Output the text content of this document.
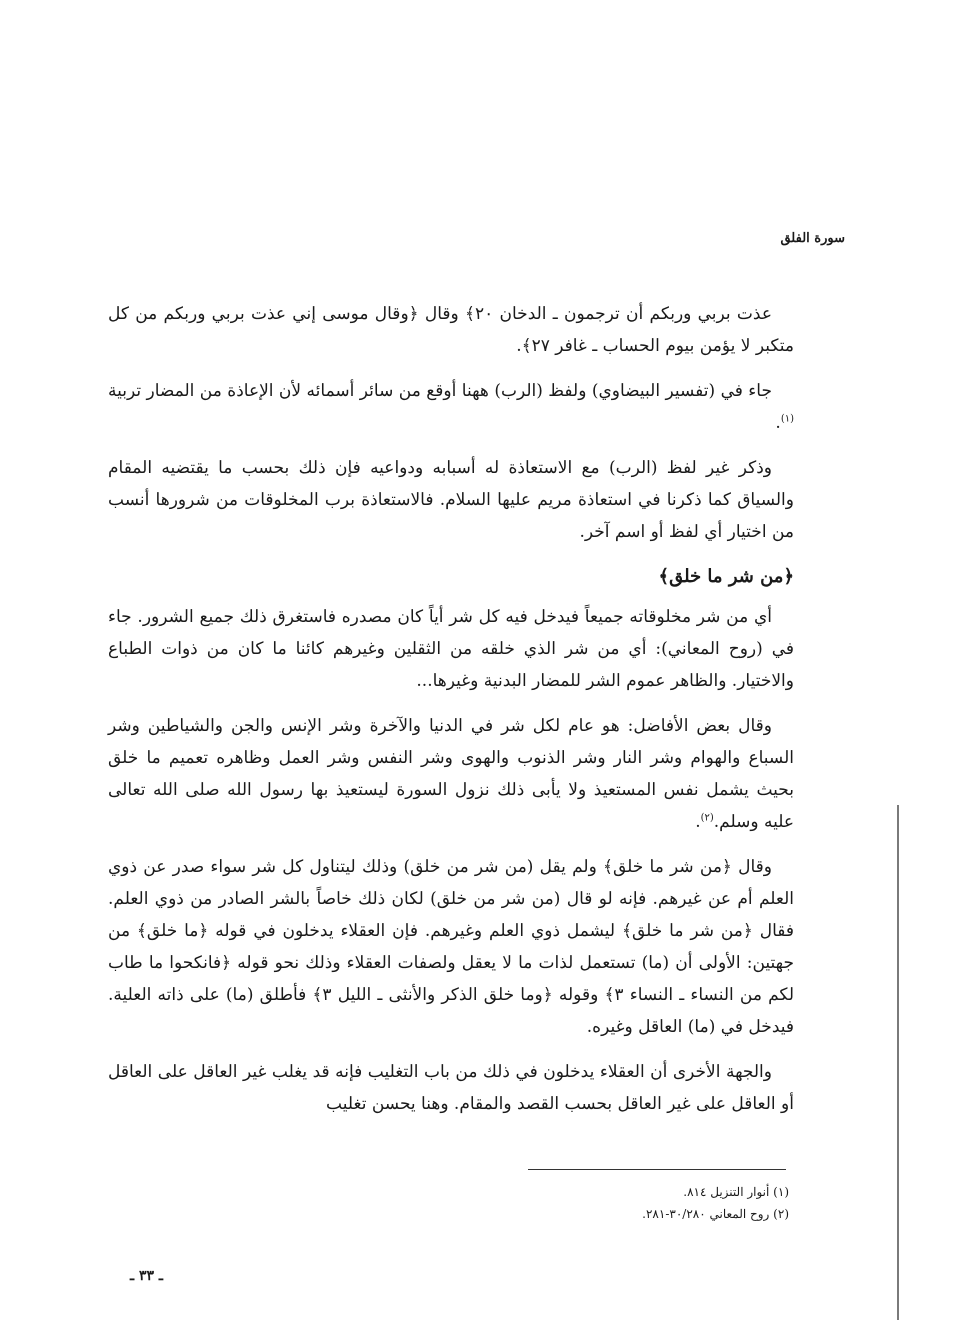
سورة الفلق

عذت بربي وربكم أن ترجمون ـ الدخان ٢٠﴾ وقال ﴿وقال موسى إني عذت بربي وربكم من كل متكبر لا يؤمن بيوم الحساب ـ غافر ٢٧﴾.

جاء في (تفسير البيضاوي) ولفظ (الرب) ههنا أوقع من سائر أسمائه لأن الإعاذة من المضار تربية $^{(١)}$.

وذكر غير لفظ (الرب) مع الاستعاذة له أسبابه ودواعيه فإن ذلك بحسب ما يقتضيه المقام والسياق كما ذكرنا في استعاذة مريم عليها السلام. فالاستعاذة برب المخلوقات من شرورها أنسب من اختيار أي لفظ أو اسم آخر.

﴿من شر ما خلق﴾

أي من شر مخلوقاته جميعاً فيدخل فيه كل شر أياً كان مصدره فاستغرق ذلك جميع الشرور. جاء في (روح المعاني): أي من شر الذي خلقه من الثقلين وغيرهم كائنا ما كان من ذوات الطباع والاختيار. والظاهر عموم الشر للمضار البدنية وغيرها...

وقال بعض الأفاضل: هو عام لكل شر في الدنيا والآخرة وشر الإنس والجن والشياطين وشر السباع والهوام وشر النار وشر الذنوب والهوى وشر النفس وشر العمل وظاهره تعميم ما خلق بحيث يشمل نفس المستعيذ ولا يأبى ذلك نزول السورة ليستعيذ بها رسول الله صلى الله تعالى عليه وسلم.$^{(٢)}$.

وقال ﴿من شر ما خلق﴾ ولم يقل (من شر من خلق) وذلك ليتناول كل شر سواء صدر عن ذوي العلم أم عن غيرهم. فإنه لو قال (من شر من خلق) لكان ذلك خاصاً بالشر الصادر من ذوي العلم. فقال ﴿من شر ما خلق﴾ ليشمل ذوي العلم وغيرهم. فإن العقلاء يدخلون في قوله ﴿ما خلق﴾ من جهتين: الأولى أن (ما) تستعمل لذات ما لا يعقل ولصفات العقلاء وذلك نحو قوله ﴿فانكحوا ما طاب لكم من النساء ـ النساء ٣﴾ وقوله ﴿وما خلق الذكر والأنثى ـ الليل ٣﴾ فأطلق (ما) على ذاته العلية. فيدخل في (ما) العاقل وغيره.

والجهة الأخرى أن العقلاء يدخلون في ذلك من باب التغليب فإنه قد يغلب غير العاقل على العاقل أو العاقل على غير العاقل بحسب القصد والمقام. وهنا يحسن تغليب

(١) أنوار التنزيل ٨١٤.
(٢) روح المعاني ٣٠/٢٨٠-٢٨١.
ـ ٣٣ ـ
